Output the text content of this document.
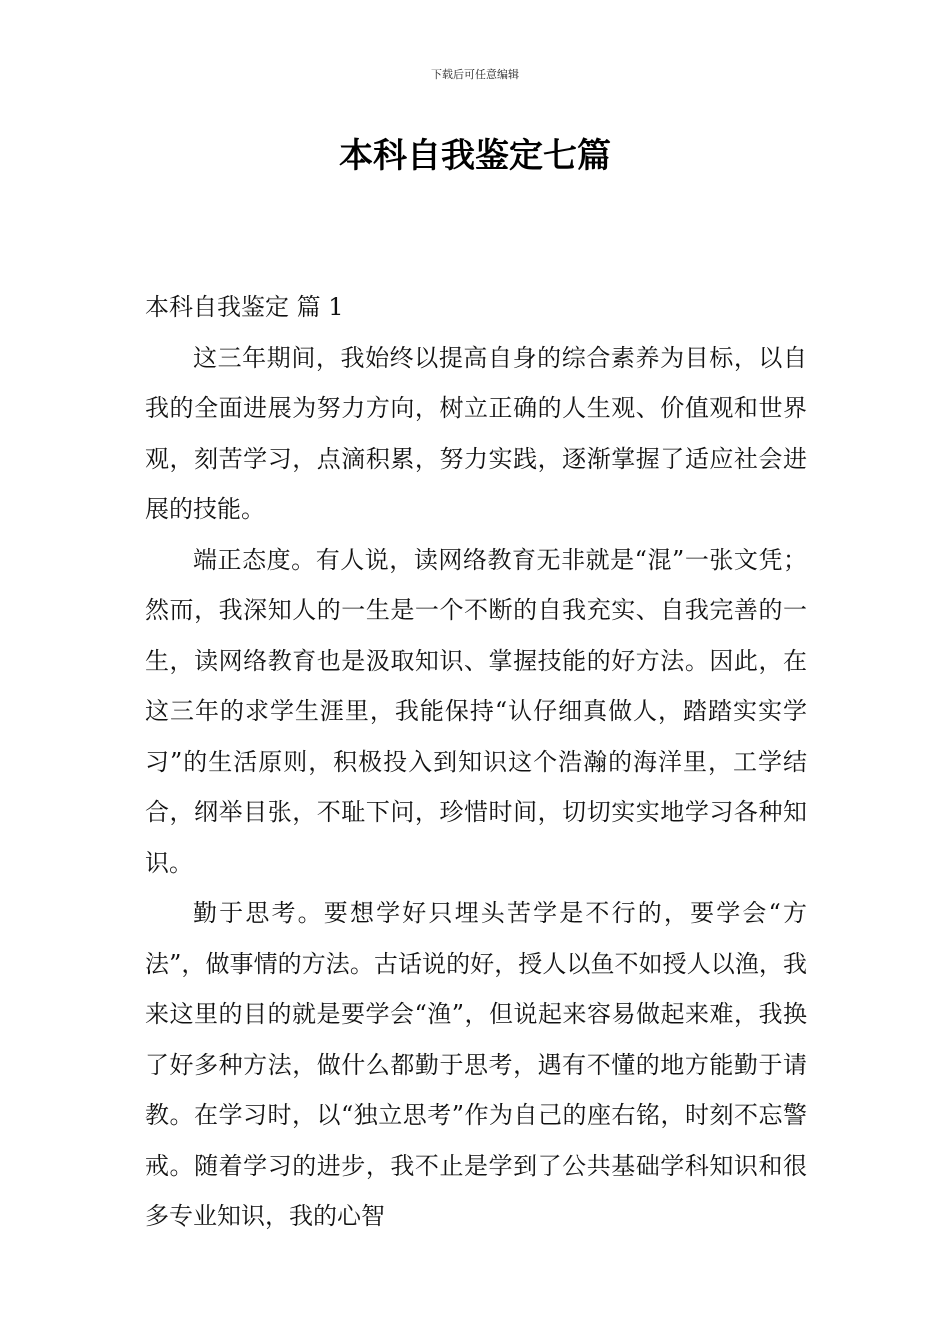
下载后可任意编辑
本科自我鉴定七篇

本科自我鉴定 篇 1

这三年期间，我始终以提高自身的综合素养为目标，以自我的全面进展为努力方向，树立正确的人生观、价值观和世界观，刻苦学习，点滴积累，努力实践，逐渐掌握了适应社会进展的技能。

端正态度。有人说，读网络教育无非就是“混”一张文凭；然而，我深知人的一生是一个不断的自我充实、自我完善的一生，读网络教育也是汲取知识、掌握技能的好方法。因此，在这三年的求学生涯里，我能保持“认仔细真做人，踏踏实实学习”的生活原则，积极投入到知识这个浩瀚的海洋里，工学结合，纲举目张，不耻下问，珍惜时间，切切实实地学习各种知识。

勤于思考。要想学好只埋头苦学是不行的，要学会“方法”，做事情的方法。古话说的好，授人以鱼不如授人以渔，我来这里的目的就是要学会“渔”，但说起来容易做起来难，我换了好多种方法，做什么都勤于思考，遇有不懂的地方能勤于请教。在学习时，以“独立思考”作为自己的座右铭，时刻不忘警戒。随着学习的进步，我不止是学到了公共基础学科知识和很多专业知识，我的心智
